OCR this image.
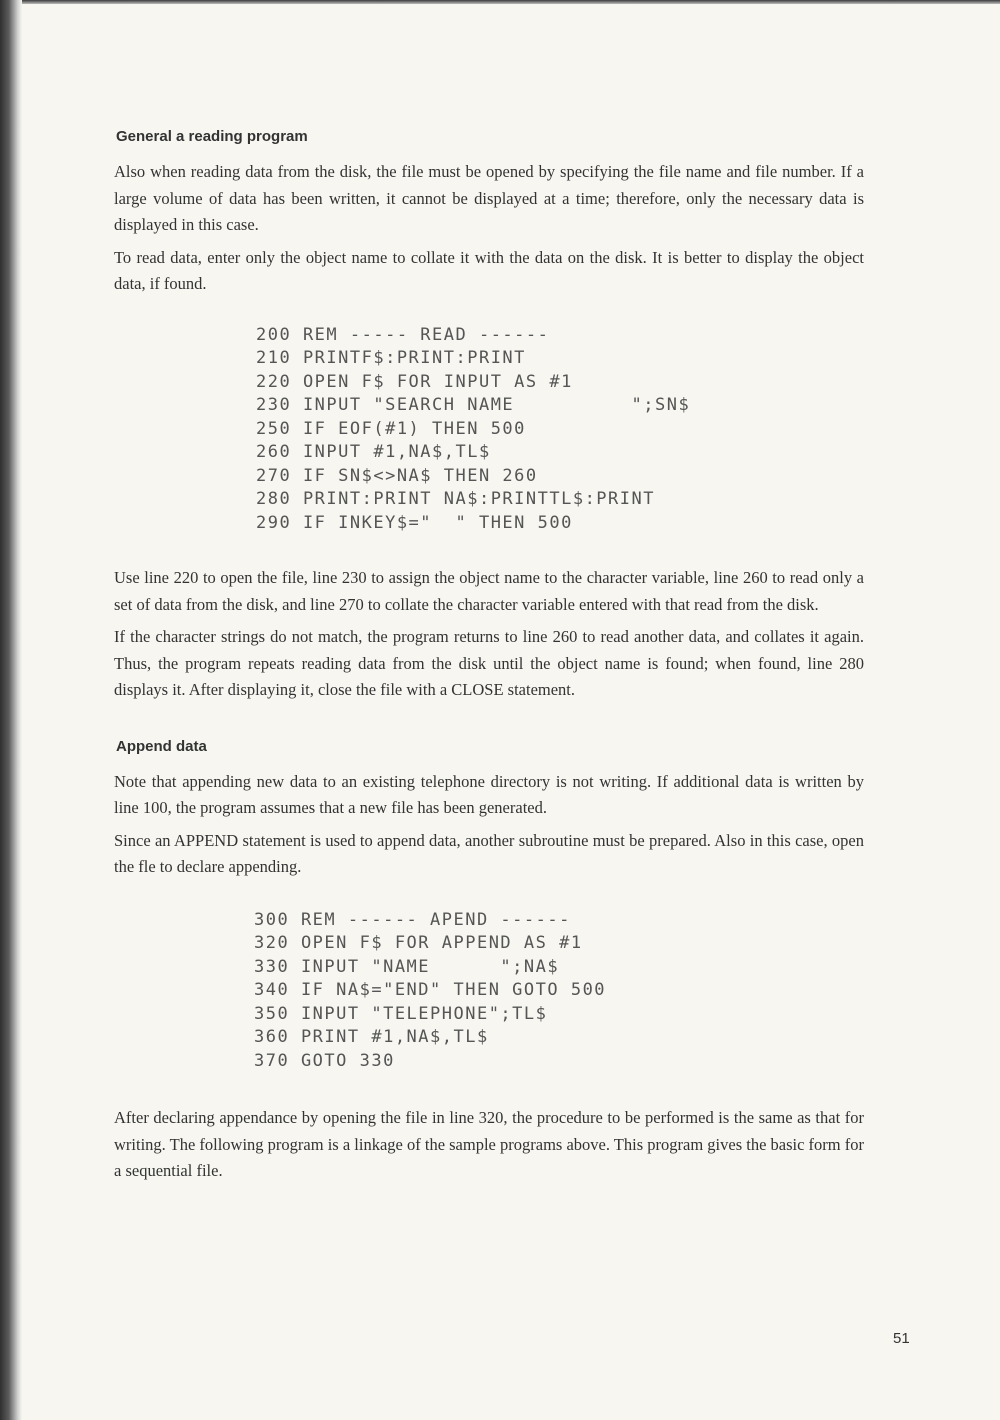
General a reading program

Also when reading data from the disk, the file must be opened by specifying the file name and file number. If a large volume of data has been written, it cannot be displayed at a time; therefore, only the necessary data is displayed in this case.

To read data, enter only the object name to collate it with the data on the disk. It is better to display the object data, if found.

200 REM ----- READ ------
210 PRINTF$:PRINT:PRINT
220 OPEN F$ FOR INPUT AS #1
230 INPUT "SEARCH NAME          ";SN$
250 IF EOF(#1) THEN 500
260 INPUT #1,NA$,TL$
270 IF SN$<>NA$ THEN 260
280 PRINT:PRINT NA$:PRINTTL$:PRINT
290 IF INKEY$="  " THEN 500

Use line 220 to open the file, line 230 to assign the object name to the character variable, line 260 to read only a set of data from the disk, and line 270 to collate the character variable entered with that read from the disk.

If the character strings do not match, the program returns to line 260 to read another data, and collates it again. Thus, the program repeats reading data from the disk until the object name is found; when found, line 280 displays it. After displaying it, close the file with a CLOSE statement.

Append data

Note that appending new data to an existing telephone directory is not writing. If additional data is written by line 100, the program assumes that a new file has been generated.

Since an APPEND statement is used to append data, another subroutine must be prepared. Also in this case, open the fle to declare appending.

300 REM ------ APEND ------
320 OPEN F$ FOR APPEND AS #1
330 INPUT "NAME      ";NA$
340 IF NA$="END" THEN GOTO 500
350 INPUT "TELEPHONE";TL$
360 PRINT #1,NA$,TL$
370 GOTO 330

After declaring appendance by opening the file in line 320, the procedure to be performed is the same as that for writing. The following program is a linkage of the sample programs above. This program gives the basic form for a sequential file.

51
